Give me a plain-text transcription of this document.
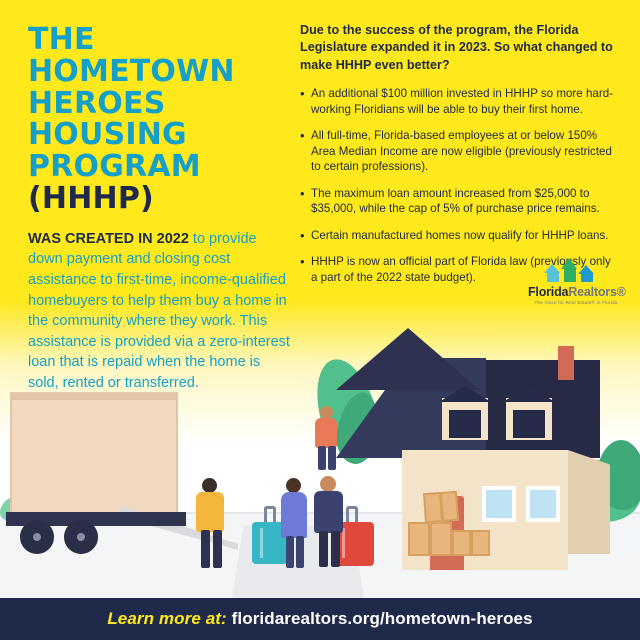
THE HOMETOWN
HEROES HOUSING
PROGRAM (HHHP)

WAS CREATED IN 2022 to provide down payment and closing cost assistance to first-time, income-qualified homebuyers to help them buy a home in the community where they work. This assistance is provided via a zero-interest loan that is repaid when the home is sold, rented or transferred.

Due to the success of the program, the Florida Legislature expanded it in 2023. So what changed to make HHHP even better?

• An additional $100 million invested in HHHP so more hard-working Floridians will be able to buy their first home.
• All full-time, Florida-based employees at or below 150% Area Median Income are now eligible (previously restricted to certain professions).
• The maximum loan amount increased from $25,000 to $35,000, while the cap of 5% of purchase price remains.
• Certain manufactured homes now qualify for HHHP loans.
• HHHP is now an official part of Florida law (previously only a part of the 2022 state budget).
FloridaRealtors®
The Voice for Real Estate® in Florida
Learn more at: floridarealtors.org/hometown-heroes
